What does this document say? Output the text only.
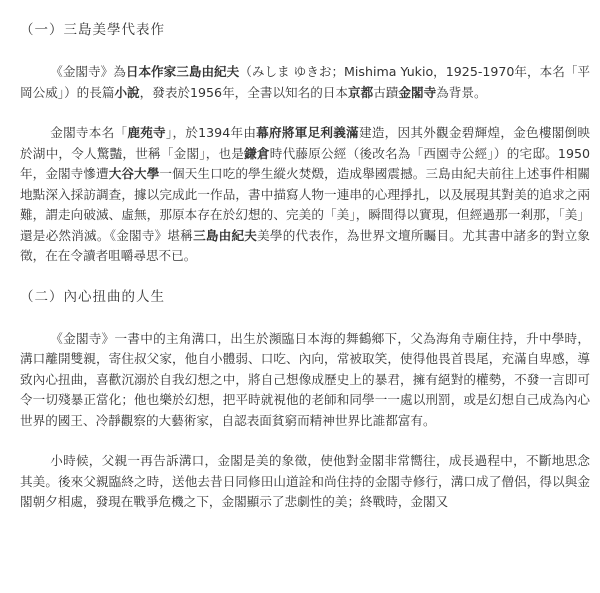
（一）三島美學代表作

《金閣寺》為日本作家三島由紀夫（みしま ゆきお；Mishima Yukio，1925-1970年，本名「平岡公威」）的長篇小說，發表於1956年，全書以知名的日本京都古蹟金閣寺為背景。

金閣寺本名「鹿苑寺」，於1394年由幕府將軍足利義滿建造，因其外觀金碧輝煌，金色樓閣倒映於湖中，令人驚豔，世稱「金閣」，也是鎌倉時代藤原公經（後改名為「西園寺公經」）的宅邸。1950年，金閣寺慘遭大谷大學一個天生口吃的學生縱火焚燬，造成舉國震撼。三島由紀夫前往上述事件相關地點深入採訪調查，據以完成此一作品，書中描寫人物一連串的心理掙扎，以及展現其對美的追求之兩難，謂走向破滅、虛無，那原本存在於幻想的、完美的「美」，瞬間得以實現，但經過那一剎那，「美」還是必然消滅。《金閣寺》堪稱三島由紀夫美學的代表作，為世界文壇所矚目。尤其書中諸多的對立象徵，在在令讀者咀嚼尋思不已。

（二）內心扭曲的人生

《金閣寺》一書中的主角溝口，出生於瀕臨日本海的舞鶴鄉下，父為海角寺廟住持，升中學時，溝口離開雙親，寄住叔父家，他自小體弱、口吃、內向，常被取笑，使得他畏首畏尾，充滿自卑感，導致內心扭曲，喜歡沉溺於自我幻想之中，將自己想像成歷史上的暴君，擁有絕對的權勢，不發一言即可令一切殘暴正當化；他也樂於幻想，把平時就視他的老師和同學一一處以刑罰，或是幻想自己成為內心世界的國王、冷靜觀察的大藝術家，自認表面貧窮而精神世界比誰都富有。

小時候，父親一再告訴溝口，金閣是美的象徵，使他對金閣非常嚮往，成長過程中，不斷地思念其美。後來父親臨終之時，送他去昔日同修田山道詮和尚住持的金閣寺修行，溝口成了僧侶，得以與金閣朝夕相處，發現在戰爭危機之下，金閣顯示了悲劇性的美；終戰時，金閣又
